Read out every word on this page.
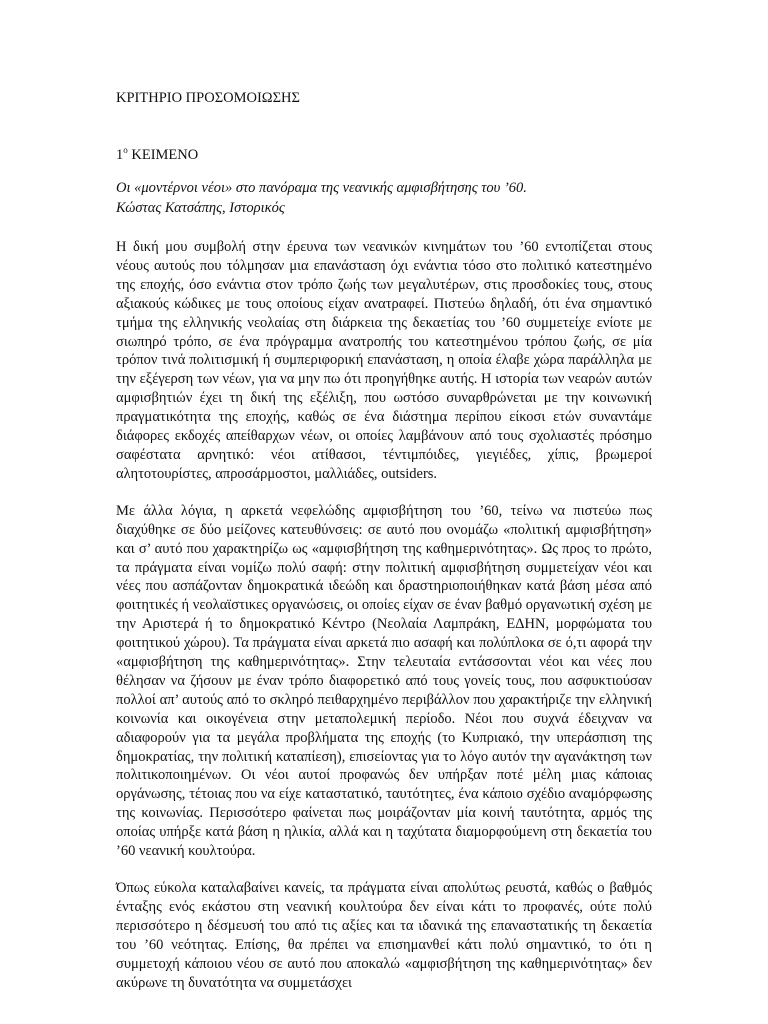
ΚΡΙΤΗΡΙΟ ΠΡΟΣΟΜΟΙΩΣΗΣ

$1^o$ ΚΕΙΜΕΝΟ

Οι «μοντέρνοι νέοι» στο πανόραμα της νεανικής αμφισβήτησης του ’60.

Κώστας Κατσάπης, Ιστορικός

Η δική μου συμβολή στην έρευνα των νεανικών κινημάτων του ’60 εντοπίζεται στους νέους αυτούς που τόλμησαν μια επανάσταση όχι ενάντια τόσο στο πολιτικό κατεστημένο της εποχής, όσο ενάντια στον τρόπο ζωής των μεγαλυτέρων, στις προσδοκίες τους, στους αξιακούς κώδικες με τους οποίους είχαν ανατραφεί. Πιστεύω δηλαδή, ότι ένα σημαντικό τμήμα της ελληνικής νεολαίας στη διάρκεια της δεκαετίας του ’60 συμμετείχε ενίοτε με σιωπηρό τρόπο, σε ένα πρόγραμμα ανατροπής του κατεστημένου τρόπου ζωής, σε μία τρόπον τινά πολιτισμική ή συμπεριφορική επανάσταση, η οποία έλαβε χώρα παράλληλα με την εξέγερση των νέων, για να μην πω ότι προηγήθηκε αυτής. Η ιστορία των νεαρών αυτών αμφισβητιών έχει τη δική της εξέλιξη, που ωστόσο συναρθρώνεται με την κοινωνική πραγματικότητα της εποχής, καθώς σε ένα διάστημα περίπου είκοσι ετών συναντάμε διάφορες εκδοχές απείθαρχων νέων, οι οποίες λαμβάνουν από τους σχολιαστές πρόσημο σαφέστατα αρνητικό: νέοι ατίθασοι, τέντιμπόιδες, γιεγιέδες, χίπις, βρωμεροί αλητοτουρίστες, απροσάρμοστοι, μαλλιάδες, outsiders.

Με άλλα λόγια, η αρκετά νεφελώδης αμφισβήτηση του ’60, τείνω να πιστεύω πως διαχύθηκε σε δύο μείζονες κατευθύνσεις: σε αυτό που ονομάζω «πολιτική αμφισβήτηση» και σ’ αυτό που χαρακτηρίζω ως «αμφισβήτηση της καθημερινότητας». Ως προς το πρώτο, τα πράγματα είναι νομίζω πολύ σαφή: στην πολιτική αμφισβήτηση συμμετείχαν νέοι και νέες που ασπάζονταν δημοκρατικά ιδεώδη και δραστηριοποιήθηκαν κατά βάση μέσα από φοιτητικές ή νεολαϊστικες οργανώσεις, οι οποίες είχαν σε έναν βαθμό οργανωτική σχέση με την Αριστερά ή το δημοκρατικό Κέντρο (Νεολαία Λαμπράκη, ΕΔΗΝ, μορφώματα του φοιτητικού χώρου). Τα πράγματα είναι αρκετά πιο ασαφή και πολύπλοκα σε ό,τι αφορά την «αμφισβήτηση της καθημερινότητας». Στην τελευταία εντάσσονται νέοι και νέες που θέλησαν να ζήσουν με έναν τρόπο διαφορετικό από τους γονείς τους, που ασφυκτιούσαν πολλοί απ’ αυτούς από το σκληρό πειθαρχημένο περιβάλλον που χαρακτήριζε την ελληνική κοινωνία και οικογένεια στην μεταπολεμική περίοδο. Νέοι που συχνά έδειχναν να αδιαφορούν για τα μεγάλα προβλήματα της εποχής (το Κυπριακό, την υπεράσπιση της δημοκρατίας, την πολιτική καταπίεση), επισείοντας για το λόγο αυτόν την αγανάκτηση των πολιτικοποιημένων. Οι νέοι αυτοί προφανώς δεν υπήρξαν ποτέ μέλη μιας κάποιας οργάνωσης, τέτοιας που να είχε καταστατικό, ταυτότητες, ένα κάποιο σχέδιο αναμόρφωσης της κοινωνίας. Περισσότερο φαίνεται πως μοιράζονταν μία κοινή ταυτότητα, αρμός της οποίας υπήρξε κατά βάση η ηλικία, αλλά και η ταχύτατα διαμορφούμενη στη δεκαετία του ’60 νεανική κουλτούρα.

Όπως εύκολα καταλαβαίνει κανείς, τα πράγματα είναι απολύτως ρευστά, καθώς ο βαθμός ένταξης ενός εκάστου στη νεανική κουλτούρα δεν είναι κάτι το προφανές, ούτε πολύ περισσότερο η δέσμευσή του από τις αξίες και τα ιδανικά της επαναστατικής τη δεκαετία του ’60 νεότητας. Επίσης, θα πρέπει να επισημανθεί κάτι πολύ σημαντικό, το ότι η συμμετοχή κάποιου νέου σε αυτό που αποκαλώ «αμφισβήτηση της καθημερινότητας» δεν ακύρωνε τη δυνατότητα να συμμετάσχει
